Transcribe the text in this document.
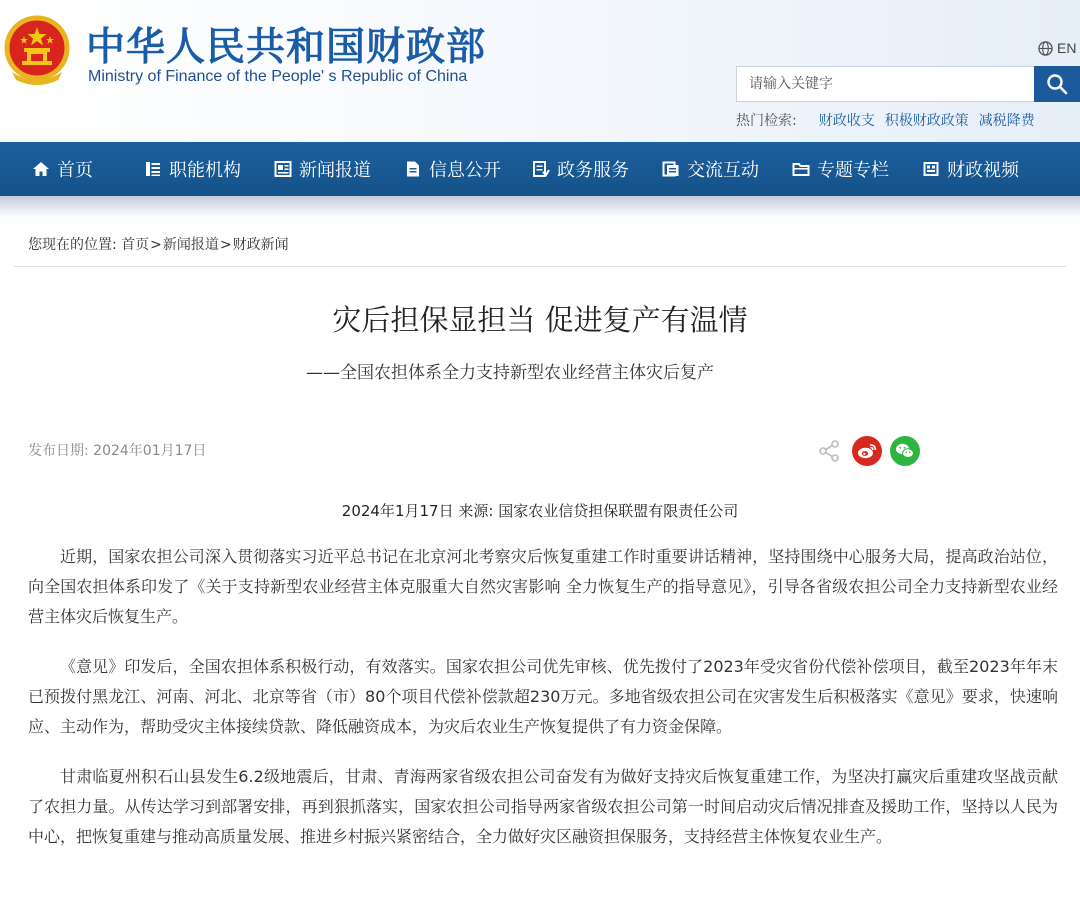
中华人民共和国财政部
Ministry of Finance of the People' s Republic of China
EN
请输入关键字
热门检索: 财政收支 积极财政政策 减税降费
首页	职能机构	新闻报道	信息公开	政务服务	交流互动	专题专栏	财政视频
您现在的位置: 首页>新闻报道>财政新闻
灾后担保显担当 促进复产有温情
——全国农担体系全力支持新型农业经营主体灾后复产
发布日期: 2024年01月17日
2024年1月17日 来源: 国家农业信贷担保联盟有限责任公司

近期，国家农担公司深入贯彻落实习近平总书记在北京河北考察灾后恢复重建工作时重要讲话精神，坚持围绕中心服务大局，提高政治站位，向全国农担体系印发了《关于支持新型农业经营主体克服重大自然灾害影响 全力恢复生产的指导意见》，引导各省级农担公司全力支持新型农业经营主体灾后恢复生产。

《意见》印发后，全国农担体系积极行动，有效落实。国家农担公司优先审核、优先拨付了2023年受灾省份代偿补偿项目，截至2023年年末已预拨付黑龙江、河南、河北、北京等省（市）80个项目代偿补偿款超230万元。多地省级农担公司在灾害发生后积极落实《意见》要求，快速响应、主动作为，帮助受灾主体接续贷款、降低融资成本，为灾后农业生产恢复提供了有力资金保障。

甘肃临夏州积石山县发生6.2级地震后，甘肃、青海两家省级农担公司奋发有为做好支持灾后恢复重建工作，为坚决打赢灾后重建攻坚战贡献了农担力量。从传达学习到部署安排，再到狠抓落实，国家农担公司指导两家省级农担公司第一时间启动灾后情况排查及援助工作，坚持以人民为中心，把恢复重建与推动高质量发展、推进乡村振兴紧密结合，全力做好灾区融资担保服务，支持经营主体恢复农业生产。
